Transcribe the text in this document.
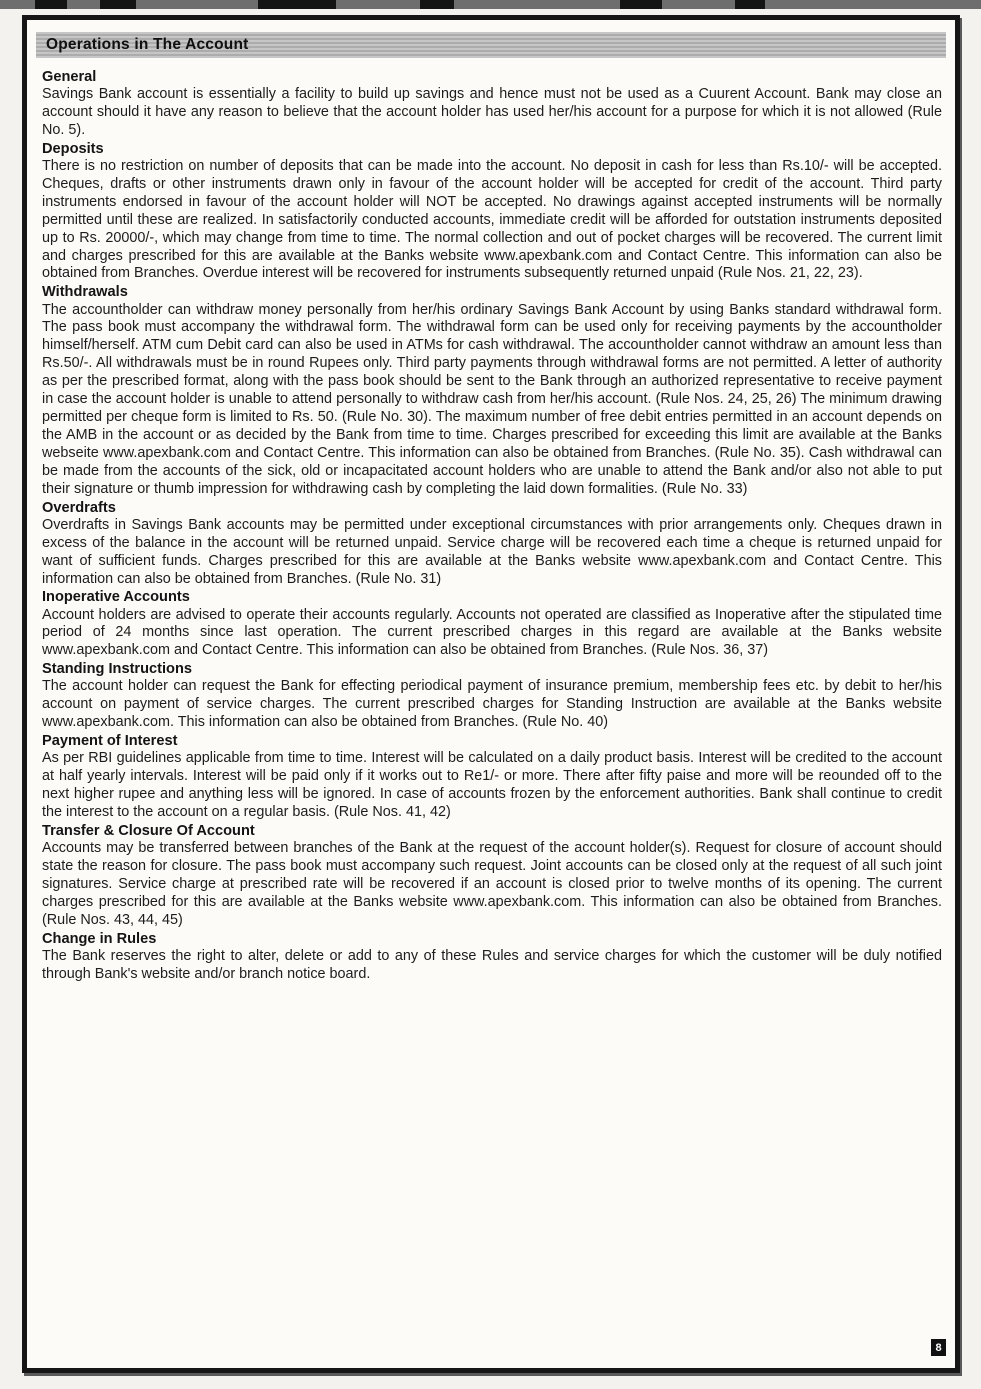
Operations in The Account
General

Savings Bank account is essentially a facility to build up savings and hence must not be used as a Cuurent Account. Bank may close an account should it have any reason to believe that the account holder has used her/his account for a purpose for which it is not allowed (Rule No. 5).

Deposits

There is no restriction on number of deposits that can be made into the account. No deposit in cash for less than Rs.10/- will be accepted. Cheques, drafts or other instruments drawn only in favour of the account holder will be accepted for credit of the account. Third party instruments endorsed in favour of the account holder will NOT be accepted. No drawings against accepted instruments will be normally permitted until these are realized. In satisfactorily conducted accounts, immediate credit will be afforded for outstation instruments deposited up to Rs. 20000/-, which may change from time to time. The normal collection and out of pocket charges will be recovered. The current limit and charges prescribed for this are available at the Banks website www.apexbank.com and Contact Centre. This information can also be obtained from Branches. Overdue interest will be recovered for instruments subsequently returned unpaid (Rule Nos. 21, 22, 23).

Withdrawals

The accountholder can withdraw money personally from her/his ordinary Savings Bank Account by using Banks standard withdrawal form. The pass book must accompany the withdrawal form. The withdrawal form can be used only for receiving payments by the accountholder himself/herself. ATM cum Debit card can also be used in ATMs for cash withdrawal. The accountholder cannot withdraw an amount less than Rs.50/-. All withdrawals must be in round Rupees only. Third party payments through withdrawal forms are not permitted. A letter of authority as per the prescribed format, along with the pass book should be sent to the Bank through an authorized representative to receive payment in case the account holder is unable to attend personally to withdraw cash from her/his account. (Rule Nos. 24, 25, 26) The minimum drawing permitted per cheque form is limited to Rs. 50. (Rule No. 30). The maximum number of free debit entries permitted in an account depends on the AMB in the account or as decided by the Bank from time to time. Charges prescribed for exceeding this limit are available at the Banks webseite www.apexbank.com and Contact Centre. This information can also be obtained from Branches. (Rule No. 35). Cash withdrawal can be made from the accounts of the sick, old or incapacitated account holders who are unable to attend the Bank and/or also not able to put their signature or thumb impression for withdrawing cash by completing the laid down formalities. (Rule No. 33)

Overdrafts

Overdrafts in Savings Bank accounts may be permitted under exceptional circumstances with prior arrangements only. Cheques drawn in excess of the balance in the account will be returned unpaid. Service charge will be recovered each time a cheque is returned unpaid for want of sufficient funds. Charges prescribed for this are available at the Banks website www.apexbank.com and Contact Centre. This information can also be obtained from Branches. (Rule No. 31)

Inoperative Accounts

Account holders are advised to operate their accounts regularly. Accounts not operated are classified as Inoperative after the stipulated time period of 24 months since last operation. The current prescribed charges in this regard are available at the Banks website www.apexbank.com and Contact Centre. This information can also be obtained from Branches. (Rule Nos. 36, 37)

Standing Instructions

The account holder can request the Bank for effecting periodical payment of insurance premium, membership fees etc. by debit to her/his account on payment of service charges. The current prescribed charges for Standing Instruction are available at the Banks website www.apexbank.com. This information can also be obtained from Branches. (Rule No. 40)

Payment of Interest

As per RBI guidelines applicable from time to time. Interest will be calculated on a daily product basis. Interest will be credited to the account at half yearly intervals. Interest will be paid only if it works out to Re1/- or more. There after fifty paise and more will be reounded off to the next higher rupee and anything less will be ignored. In case of accounts frozen by the enforcement authorities. Bank shall continue to credit the interest to the account on a regular basis. (Rule Nos. 41, 42)

Transfer & Closure Of Account

Accounts may be transferred between branches of the Bank at the request of the account holder(s). Request for closure of account should state the reason for closure. The pass book must accompany such request. Joint accounts can be closed only at the request of all such joint signatures. Service charge at prescribed rate will be recovered if an account is closed prior to twelve months of its opening. The current charges prescribed for this are available at the Banks website www.apexbank.com. This information can also be obtained from Branches. (Rule Nos. 43, 44, 45)

Change in Rules

The Bank reserves the right to alter, delete or add to any of these Rules and service charges for which the customer will be duly notified through Bank's website and/or branch notice board.

8
